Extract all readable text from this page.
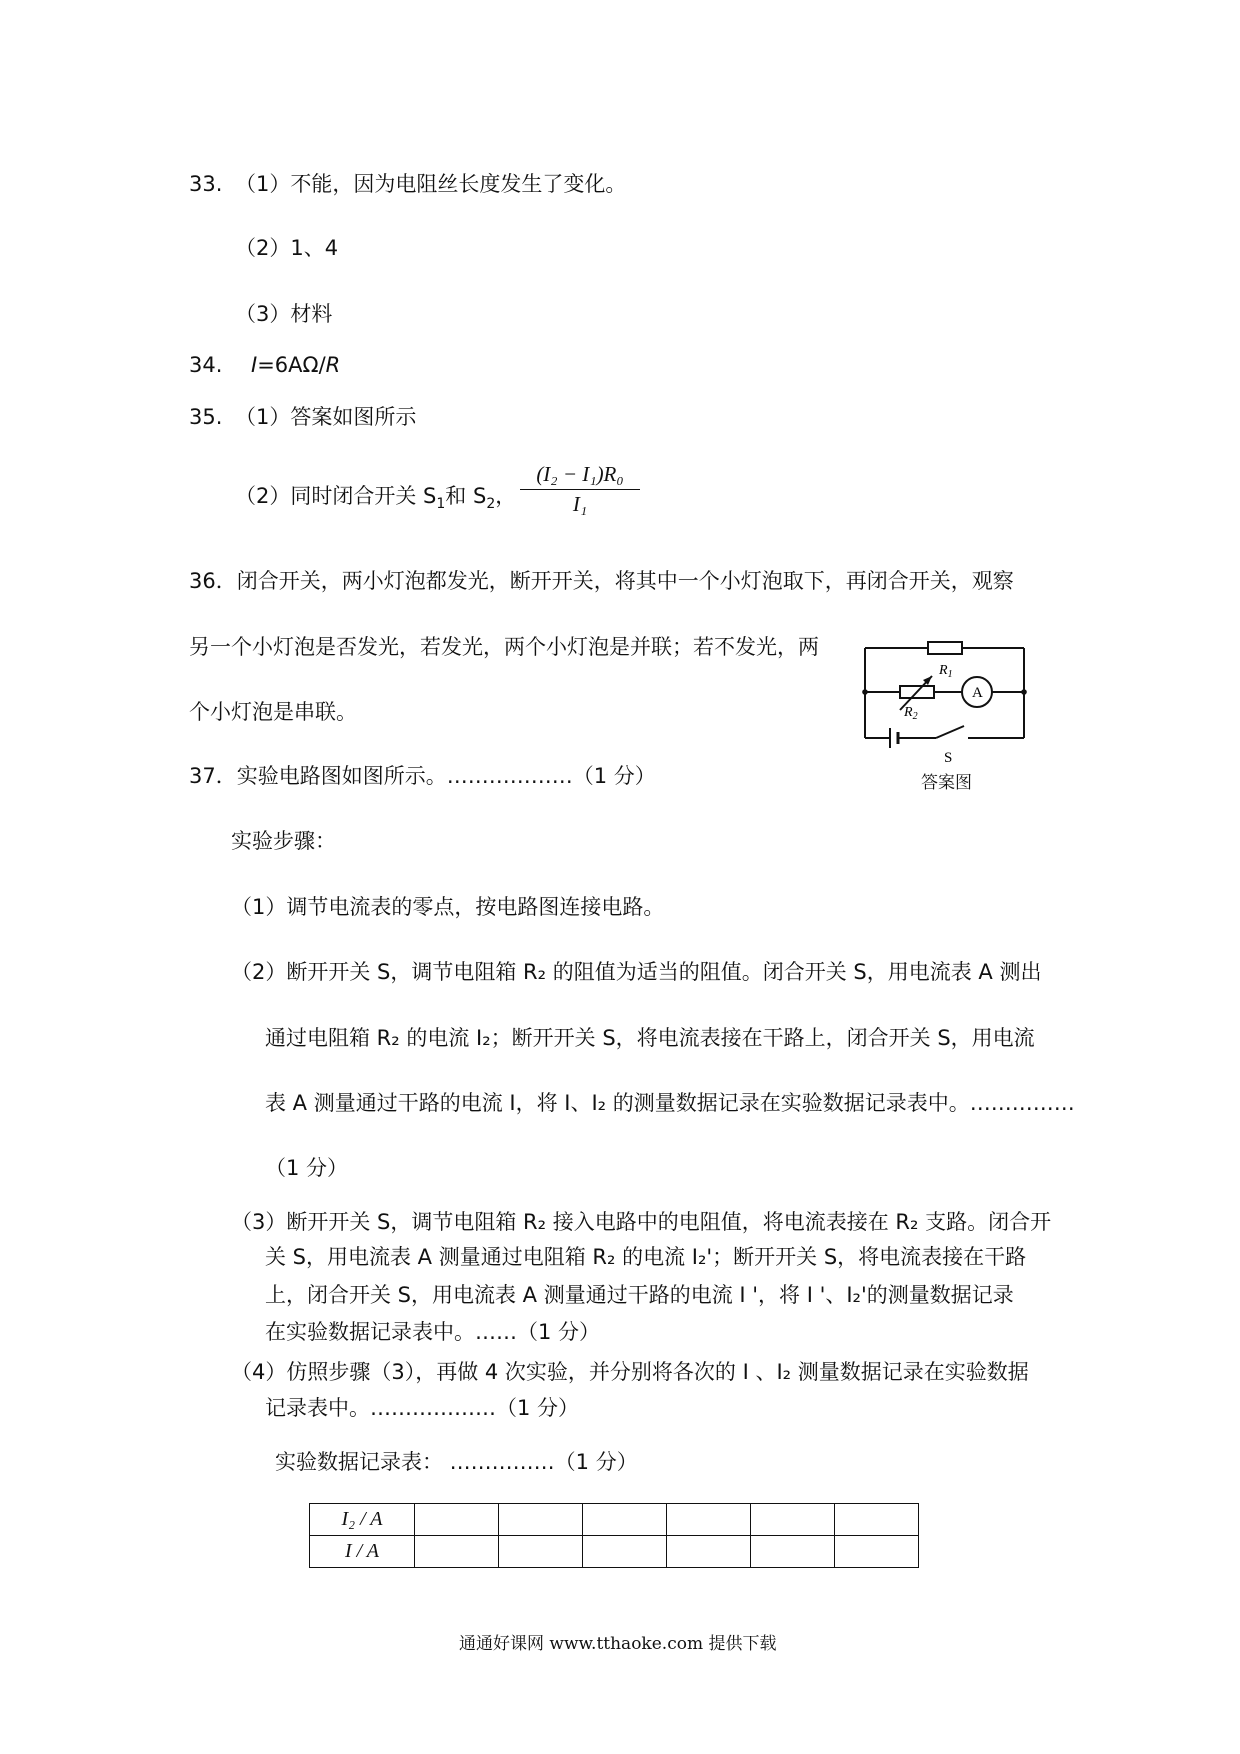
33. （1）不能，因为电阻丝长度发生了变化。
（2）1、4
（3）材料
34. I=6AΩ/R
35. （1）答案如图所示
（2）同时闭合开关 $S_1$和 $S_2$，
(I₂ − I₁)R₀
I₁
36．闭合开关，两小灯泡都发光，断开开关，将其中一个小灯泡取下，再闭合开关，观察
另一个小灯泡是否发光，若发光，两个小灯泡是并联；若不发光，两
个小灯泡是串联。
$R_1$
$R_2$
A
S
答案图
37．实验电路图如图所示。………………（1 分）
实验步骤：
（1）调节电流表的零点，按电路图连接电路。
（2）断开开关 S，调节电阻箱 R₂ 的阻值为适当的阻值。闭合开关 S，用电流表 A 测出
通过电阻箱 R₂ 的电流 I₂；断开开关 S，将电流表接在干路上，闭合开关 S，用电流
表 A 测量通过干路的电流 I，将 I、I₂ 的测量数据记录在实验数据记录表中。……………
（1 分）
（3）断开开关 S，调节电阻箱 R₂ 接入电路中的电阻值，将电流表接在 R₂ 支路。闭合开
关 S，用电流表 A 测量通过电阻箱 R₂ 的电流 I₂'；断开开关 S，将电流表接在干路
上，闭合开关 S，用电流表 A 测量通过干路的电流 I '，将 I '、I₂'的测量数据记录
在实验数据记录表中。……（1 分）
（4）仿照步骤（3），再做 4 次实验，并分别将各次的 I 、I₂ 测量数据记录在实验数据
记录表中。………………（1 分）
实验数据记录表： ……………（1 分）
I₂ / A						
I / A						
通通好课网 www.tthaoke.com 提供下载
